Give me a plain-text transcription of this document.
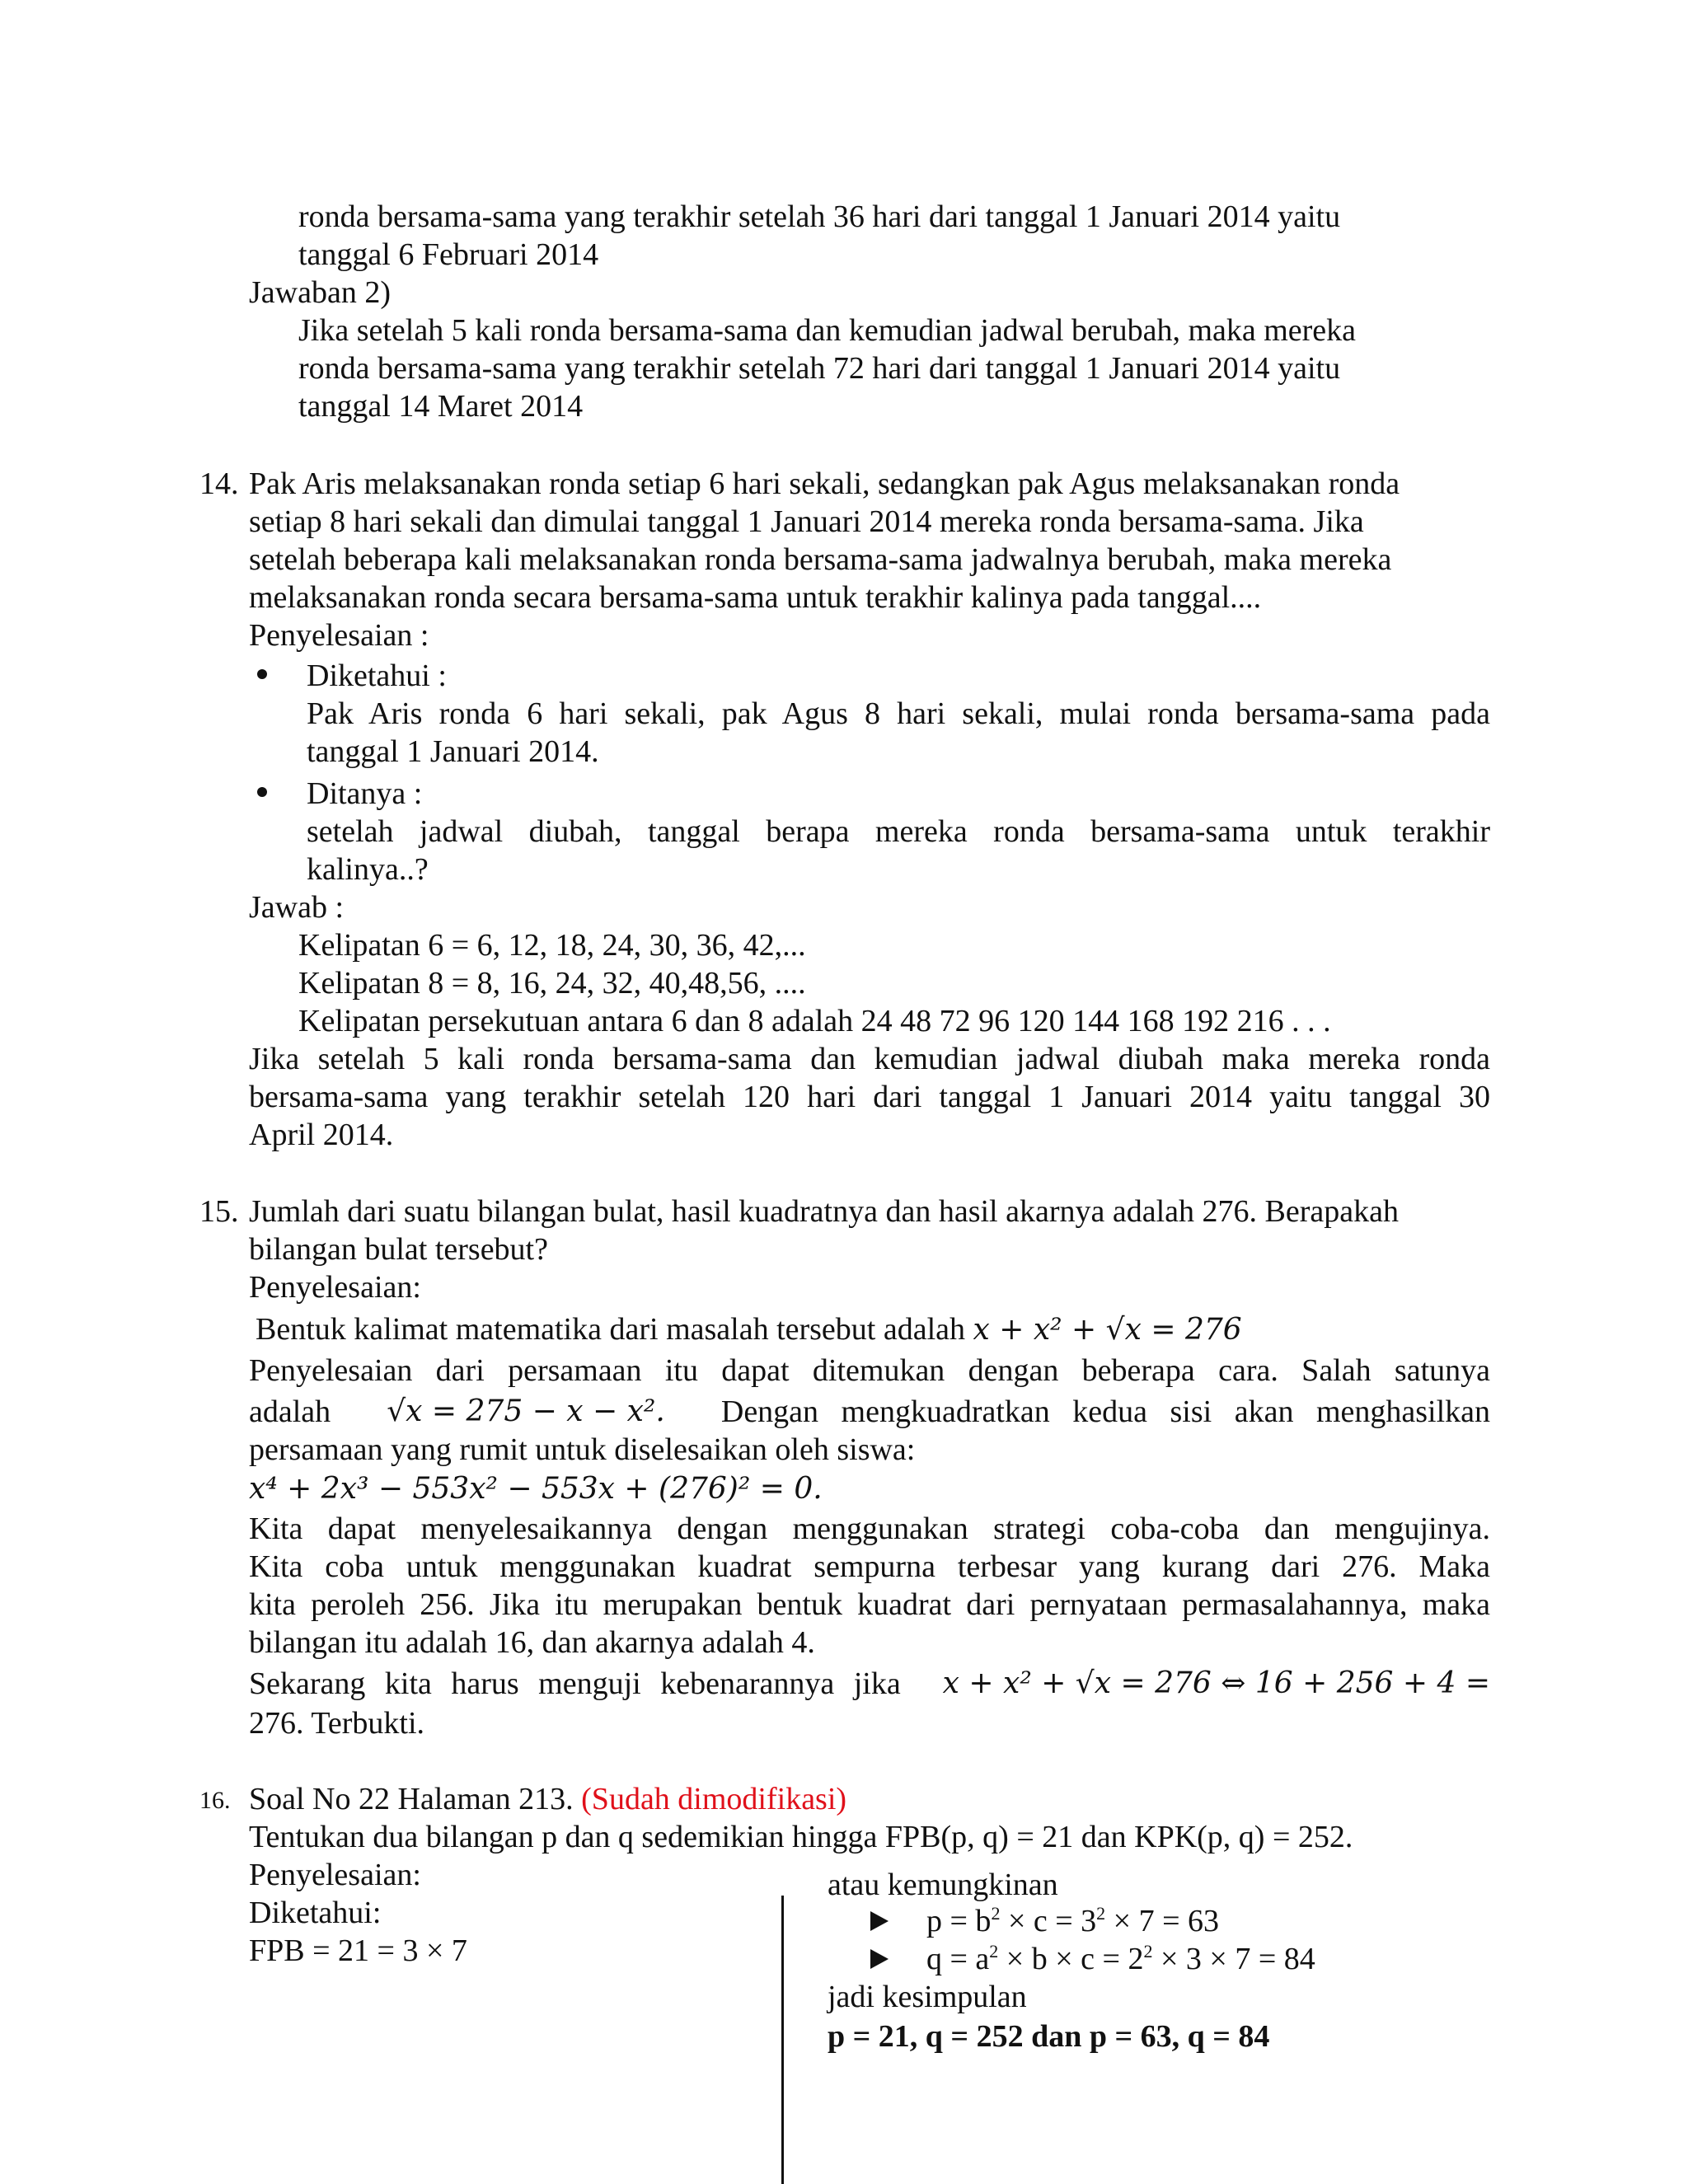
ronda bersama-sama yang terakhir setelah 36 hari dari tanggal 1 Januari 2014 yaitu
tanggal 6 Februari 2014
Jawaban 2)
Jika setelah 5 kali ronda bersama-sama dan kemudian jadwal berubah, maka mereka
ronda bersama-sama yang terakhir setelah 72 hari dari tanggal 1 Januari 2014 yaitu
tanggal 14 Maret 2014
14. Pak Aris melaksanakan ronda setiap 6 hari sekali, sedangkan pak Agus melaksanakan ronda
setiap 8 hari sekali dan dimulai tanggal 1 Januari 2014 mereka ronda bersama-sama. Jika
setelah beberapa kali melaksanakan ronda bersama-sama jadwalnya berubah, maka mereka
melaksanakan ronda secara bersama-sama untuk terakhir kalinya pada tanggal....
Penyelesaian :
Diketahui :
Pak Aris ronda 6 hari sekali, pak Agus 8 hari sekali, mulai ronda bersama-sama pada
tanggal 1 Januari 2014.
Ditanya :
setelah jadwal diubah, tanggal berapa mereka ronda bersama-sama untuk terakhir
kalinya..?
Jawab :
Kelipatan 6 = 6, 12, 18, 24, 30, 36, 42,...
Kelipatan 8 = 8, 16, 24, 32, 40,48,56, ....
Kelipatan persekutuan antara 6 dan 8 adalah 24 48 72 96 120 144 168 192 216 . . .
Jika setelah 5 kali ronda bersama-sama dan kemudian jadwal diubah maka mereka ronda
bersama-sama yang terakhir setelah 120 hari dari tanggal 1 Januari 2014 yaitu tanggal 30
April 2014.
15. Jumlah dari suatu bilangan bulat, hasil kuadratnya dan hasil akarnya adalah 276. Berapakah
bilangan bulat tersebut?
Penyelesaian:
Bentuk kalimat matematika dari masalah tersebut adalah x + x² + √x = 276
Penyelesaian dari persamaan itu dapat ditemukan dengan beberapa cara. Salah satunya
adalah √x = 275 − x − x². Dengan mengkuadratkan kedua sisi akan menghasilkan
persamaan yang rumit untuk diselesaikan oleh siswa:
x⁴ + 2x³ − 553x² − 553x + (276)² = 0.
Kita dapat menyelesaikannya dengan menggunakan strategi coba-coba dan mengujinya.
Kita coba untuk menggunakan kuadrat sempurna terbesar yang kurang dari 276. Maka
kita peroleh 256. Jika itu merupakan bentuk kuadrat dari pernyataan permasalahannya, maka
bilangan itu adalah 16, dan akarnya adalah 4.
Sekarang kita harus menguji kebenarannya jika x + x² + √x = 276 ⇔ 16 + 256 + 4 =
276. Terbukti.
16. Soal No 22 Halaman 213. (Sudah dimodifikasi)
Tentukan dua bilangan p dan q sedemikian hingga FPB(p, q) = 21 dan KPK(p, q) = 252.
Penyelesaian:
Diketahui:
FPB = 21 = 3 × 7
atau kemungkinan
$p = b^2 \times c = 3^2 \times 7 = 63$
$q = a^2 \times b \times c = 2^2 \times 3 \times 7 = 84$
jadi kesimpulan
p = 21, q = 252 dan p = 63, q = 84
